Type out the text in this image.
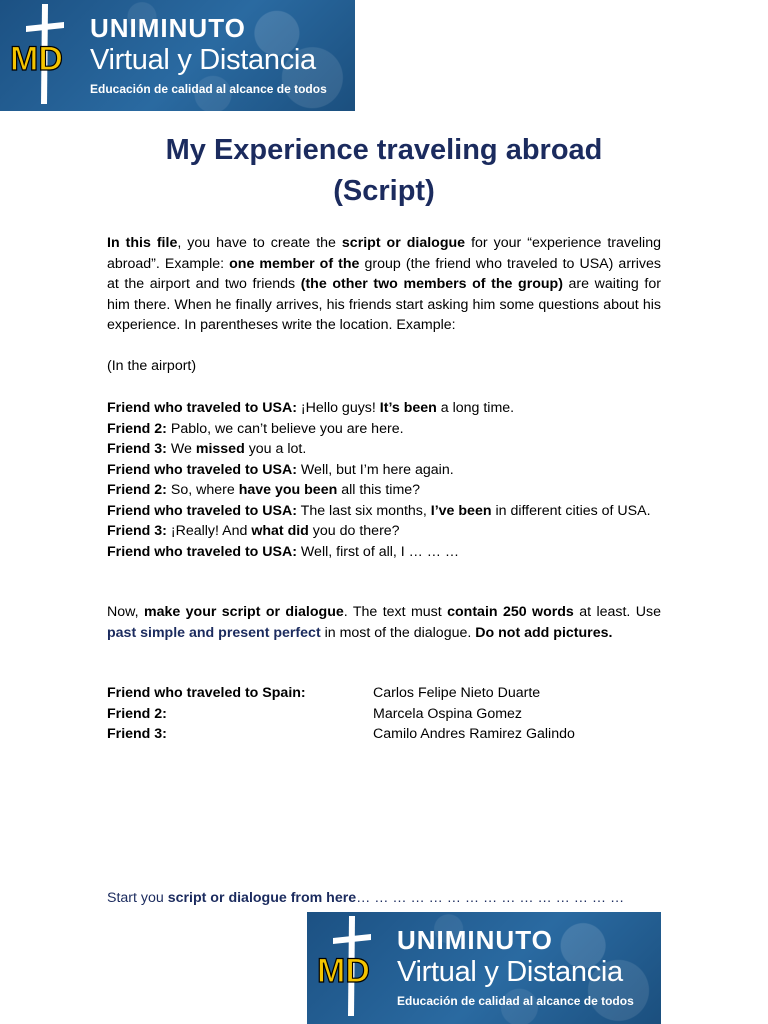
MD
UNIMINUTO
Virtual y Distancia
Educación de calidad al alcance de todos
My Experience traveling abroad
(Script)

In this file, you have to create the script or dialogue for your “experience traveling abroad”. Example: one member of the group (the friend who traveled to USA) arrives at the airport and two friends (the other two members of the group) are waiting for him there. When he finally arrives, his friends start asking him some questions about his experience. In parentheses write the location. Example:

(In the airport)

Friend who traveled to USA: ¡Hello guys! It’s been a long time.

Friend 2: Pablo, we can’t believe you are here.

Friend 3: We missed you a lot.

Friend who traveled to USA: Well, but I’m here again.

Friend 2: So, where have you been all this time?

Friend who traveled to USA: The last six months, I’ve been in different cities of USA.

Friend 3: ¡Really! And what did you do there?

Friend who traveled to USA: Well, first of all, I … … …

Now, make your script or dialogue. The text must contain 250 words at least. Use past simple and present perfect in most of the dialogue. Do not add pictures.

Friend who traveled to Spain:	Carlos Felipe Nieto Duarte
Friend 2:	Marcela Ospina Gomez
Friend 3:	Camilo Andres Ramirez Galindo
Start you script or dialogue from here… … … … … … … … … … … … … … …
MD
UNIMINUTO
Virtual y Distancia
Educación de calidad al alcance de todos
